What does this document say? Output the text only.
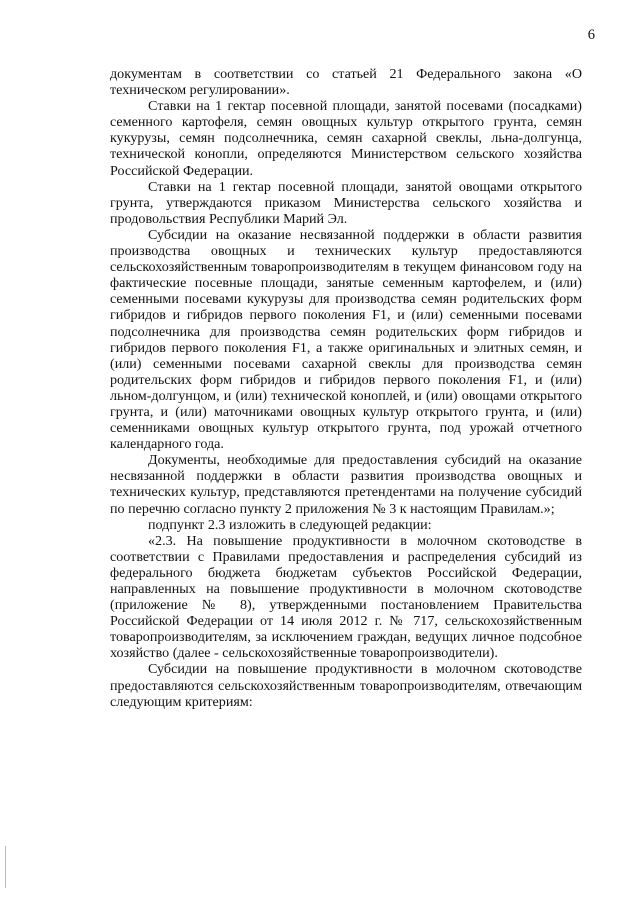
6

документам в соответствии со статьей 21 Федерального закона «О техническом регулировании».

Ставки на 1 гектар посевной площади, занятой посевами (посадками) семенного картофеля, семян овощных культур открытого грунта, семян кукурузы, семян подсолнечника, семян сахарной свеклы, льна-долгунца, технической конопли, определяются Министерством сельского хозяйства Российской Федерации.

Ставки на 1 гектар посевной площади, занятой овощами открытого грунта, утверждаются приказом Министерства сельского хозяйства и продовольствия Республики Марий Эл.

Субсидии на оказание несвязанной поддержки в области развития производства овощных и технических культур предоставляются сельскохозяйственным товаропроизводителям в текущем финансовом году на фактические посевные площади, занятые семенным картофелем, и (или) семенными посевами кукурузы для производства семян родительских форм гибридов и гибридов первого поколения F1, и (или) семенными посевами подсолнечника для производства семян родительских форм гибридов и гибридов первого поколения F1, а также оригинальных и элитных семян, и (или) семенными посевами сахарной свеклы для производства семян родительских форм гибридов и гибридов первого поколения F1, и (или) льном-долгунцом, и (или) технической коноплей, и (или) овощами открытого грунта, и (или) маточниками овощных культур открытого грунта, и (или) семенниками овощных культур открытого грунта, под урожай отчетного календарного года.

Документы, необходимые для предоставления субсидий на оказание несвязанной поддержки в области развития производства овощных и технических культур, представляются претендентами на получение субсидий по перечню согласно пункту 2 приложения № 3 к настоящим Правилам.»;

подпункт 2.3 изложить в следующей редакции:

«2.3. На повышение продуктивности в молочном скотоводстве в соответствии с Правилами предоставления и распределения субсидий из федерального бюджета бюджетам субъектов Российской Федерации, направленных на повышение продуктивности в молочном скотоводстве (приложение № 8), утвержденными постановлением Правительства Российской Федерации от 14 июля 2012 г. № 717, сельскохозяйственным товаропроизводителям, за исключением граждан, ведущих личное подсобное хозяйство (далее - сельскохозяйственные товаропроизводители).

Субсидии на повышение продуктивности в молочном скотоводстве предоставляются сельскохозяйственным товаропроизводителям, отвечающим следующим критериям:
